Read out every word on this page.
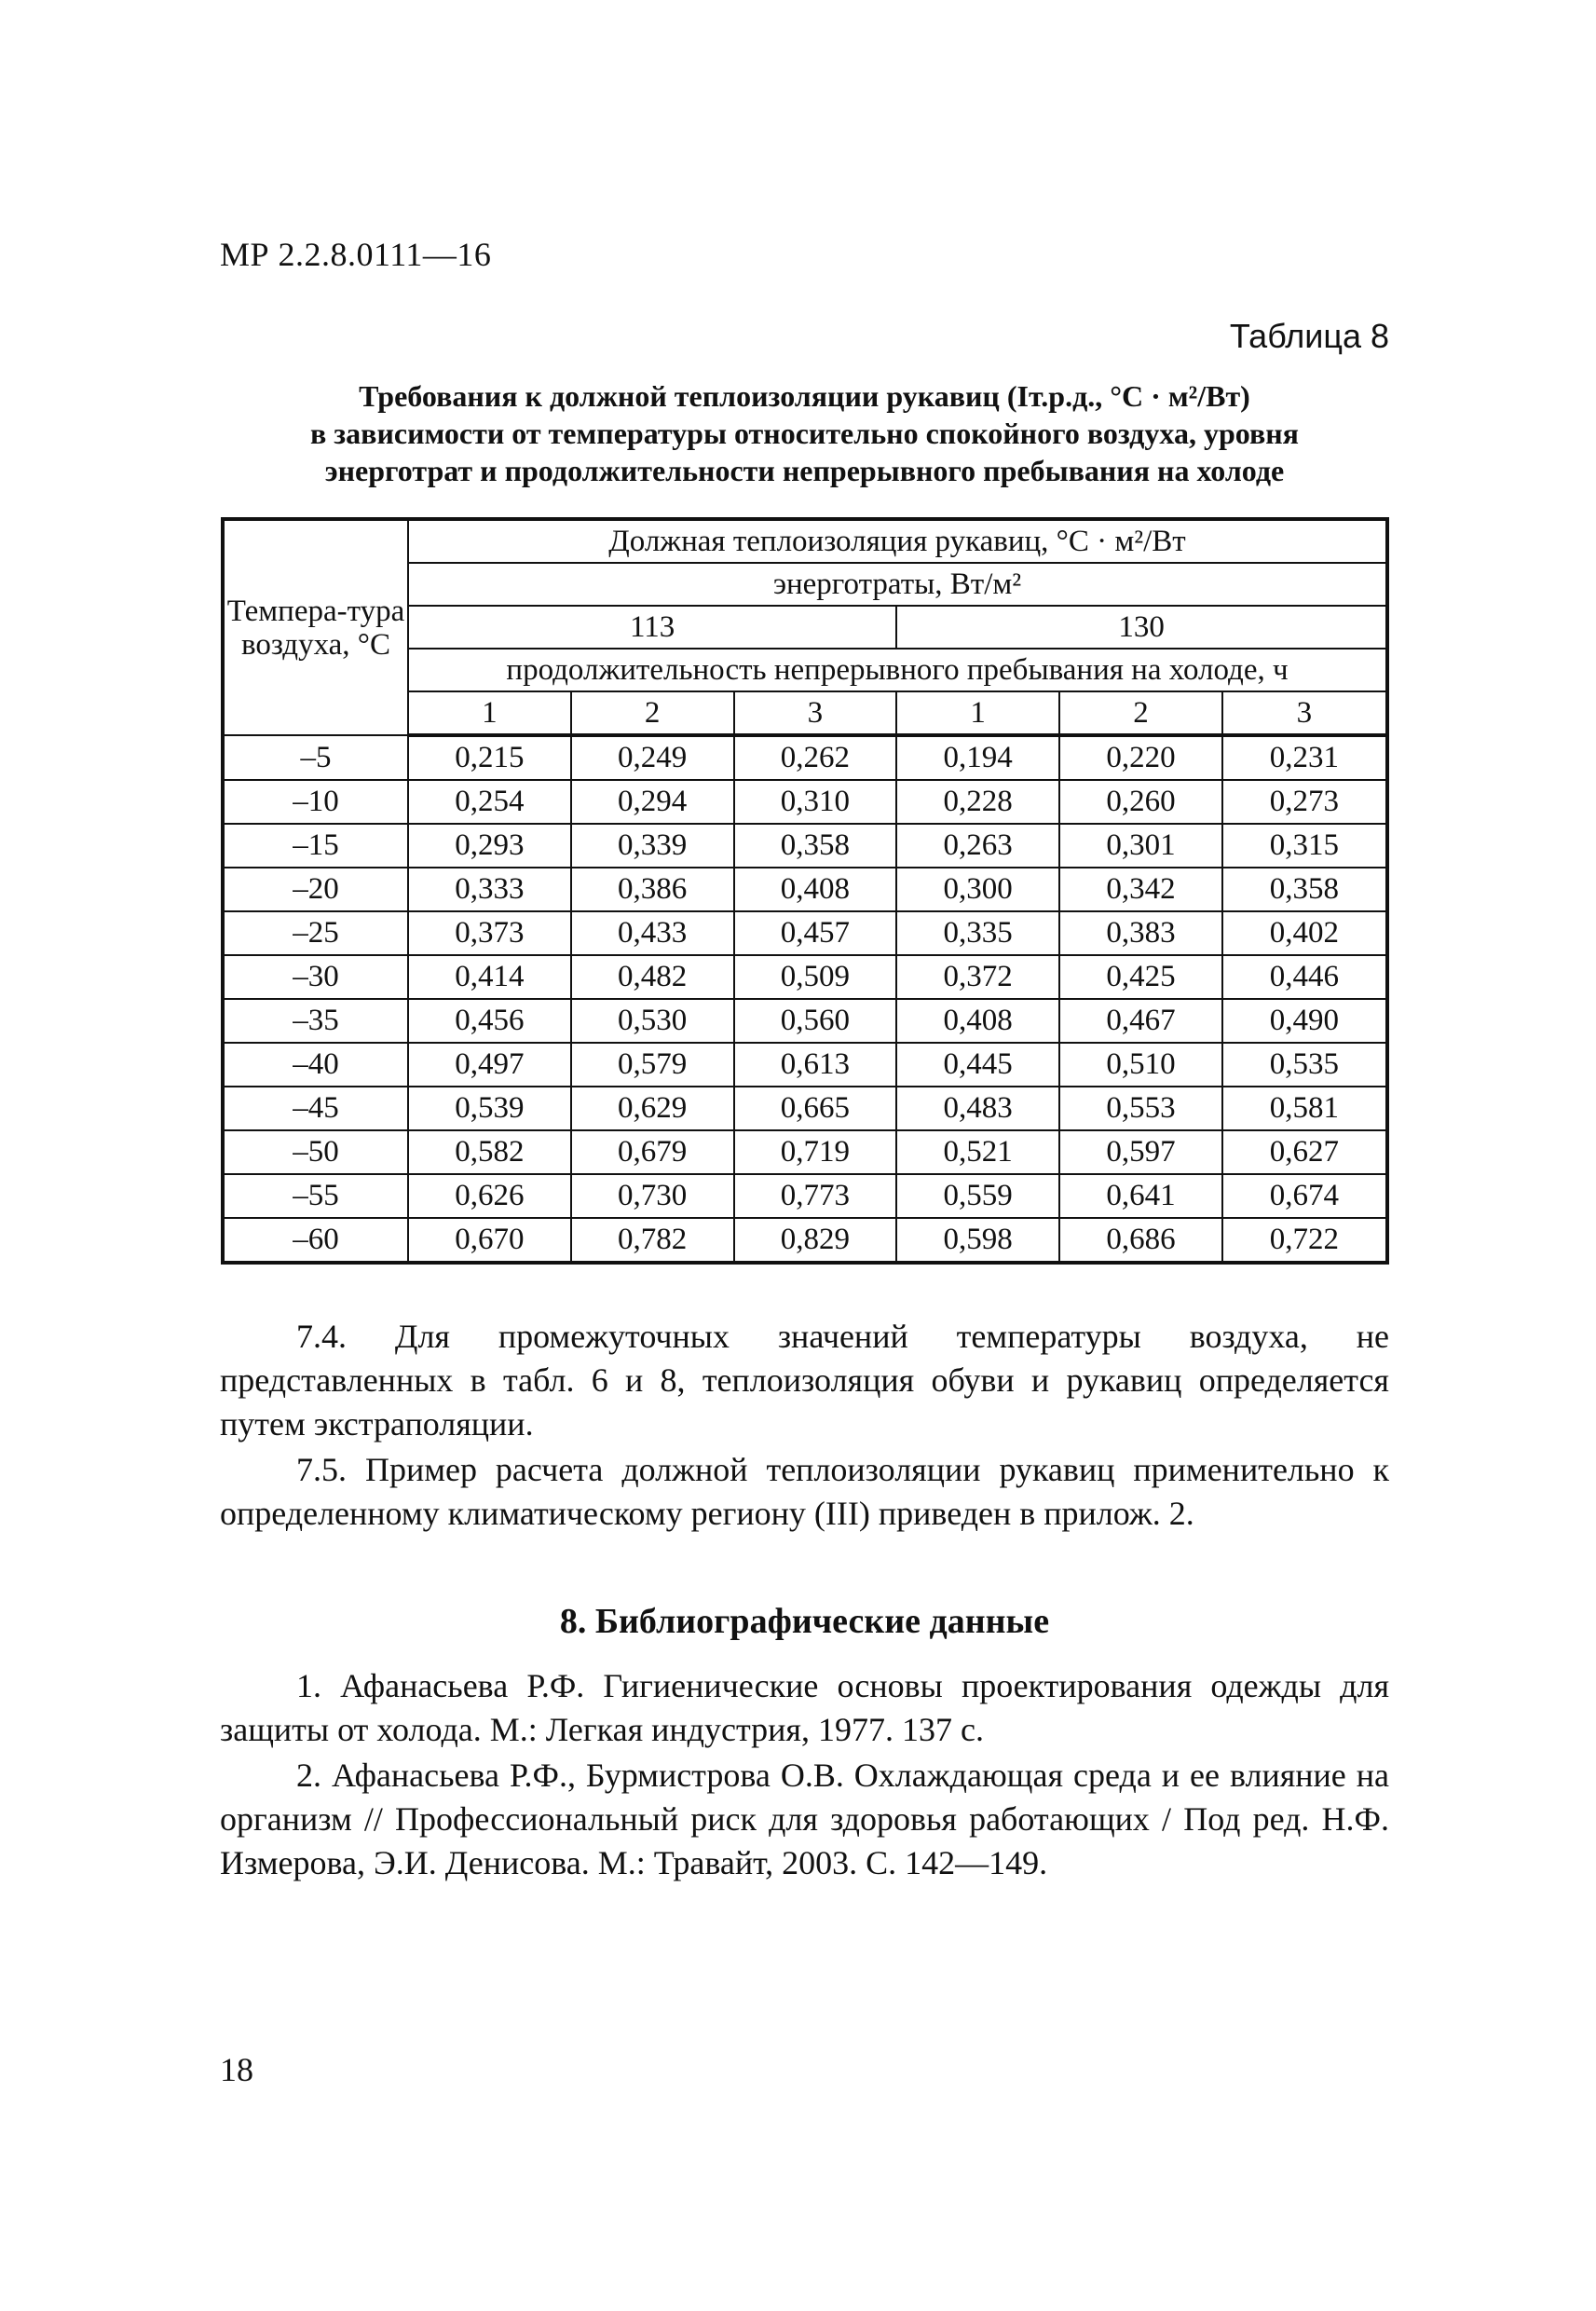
МР 2.2.8.0111—16
Таблица 8
Требования к должной теплоизоляции рукавиц (Iт.р.д., °С · м²/Вт)
в зависимости от температуры относительно спокойного воздуха, уровня
энерготрат и продолжительности непрерывного пребывания на холоде
Темпера-тура воздуха, °С	Должная теплоизоляция рукавиц, °С · м²/Вт					
	энерготраты, Вт/м²					
	113			130		
	продолжительность непрерывного пребывания на холоде, ч					
	1	2	3	1	2	3
–5	0,215	0,249	0,262	0,194	0,220	0,231
–10	0,254	0,294	0,310	0,228	0,260	0,273
–15	0,293	0,339	0,358	0,263	0,301	0,315
–20	0,333	0,386	0,408	0,300	0,342	0,358
–25	0,373	0,433	0,457	0,335	0,383	0,402
–30	0,414	0,482	0,509	0,372	0,425	0,446
–35	0,456	0,530	0,560	0,408	0,467	0,490
–40	0,497	0,579	0,613	0,445	0,510	0,535
–45	0,539	0,629	0,665	0,483	0,553	0,581
–50	0,582	0,679	0,719	0,521	0,597	0,627
–55	0,626	0,730	0,773	0,559	0,641	0,674
–60	0,670	0,782	0,829	0,598	0,686	0,722

7.4. Для промежуточных значений температуры воздуха, не представленных в табл. 6 и 8, теплоизоляция обуви и рукавиц определяется путем экстраполяции.

7.5. Пример расчета должной теплоизоляции рукавиц применительно к определенному климатическому региону (III) приведен в прилож. 2.

8. Библиографические данные

1. Афанасьева Р.Ф. Гигиенические основы проектирования одежды для защиты от холода. М.: Легкая индустрия, 1977. 137 с.

2. Афанасьева Р.Ф., Бурмистрова О.В. Охлаждающая среда и ее влияние на организм // Профессиональный риск для здоровья работающих / Под ред. Н.Ф. Измерова, Э.И. Денисова. М.: Травайт, 2003. С. 142—149.

18
